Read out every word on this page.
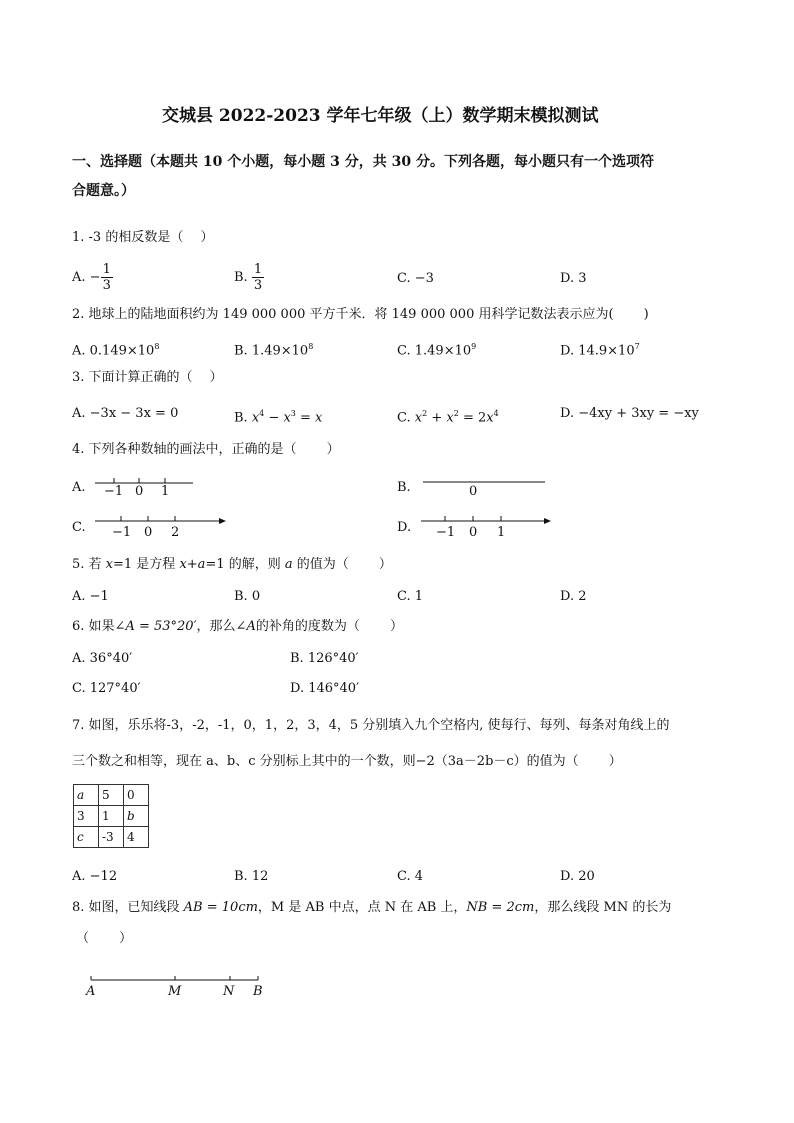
交城县 2022-2023 学年七年级（上）数学期末模拟测试
一、选择题（本题共 10 个小题，每小题 3 分，共 30 分。下列各题，每小题只有一个选项符
合题意。）
1. -3 的相反数是（　 ）
A. − $\frac{1}{3}$	B. $\frac{1}{3}$	C. −3	D. 3
2. 地球上的陆地面积约为 149 000 000 平方千米．将 149 000 000 用科学记数法表示应为(　　 )
A. $0.149\times 10^8$	B. $1.49\times 10^8$	C. $1.49\times 10^9$	D. $14.9\times 10^7$
3. 下面计算正确的（　 ）
A. −3x − 3x = 0	B. $x^4 - x^3 = x$	C. $x^2 + x^2 = 2x^4$	D. −4xy + 3xy = −xy
4. 下列各种数轴的画法中，正确的是（　　 ）
A. −1 0 1	B.	0
C. −1 0 2	D. −1 0 1
5. 若 x=1 是方程 x+a=1 的解，则 a 的值为（　　 ）
A. −1	B. 0	C. 1	D. 2
6. 如果∠A = 53°20′，那么∠A的补角的度数为（　　 ）
A. 36°40′	B. 126°40′
C. 127°40′	D. 146°40′
7. 如图，乐乐将-3，-2，-1，0，1，2，3，4，5 分别填入九个空格内, 使每行、每列、每条对角线上的
三个数之和相等，现在 a、b、c 分别标上其中的一个数，则−2（3a－2b－c）的值为（　　 ）
a	5	0
3	1	b
c	-3	4
A. −12	B. 12	C. 4	D. 20
8. 如图，已知线段 AB = 10cm，M 是 AB 中点，点 N 在 AB 上，NB = 2cm，那么线段 MN 的长为
（　　 ）
A	M	N B
